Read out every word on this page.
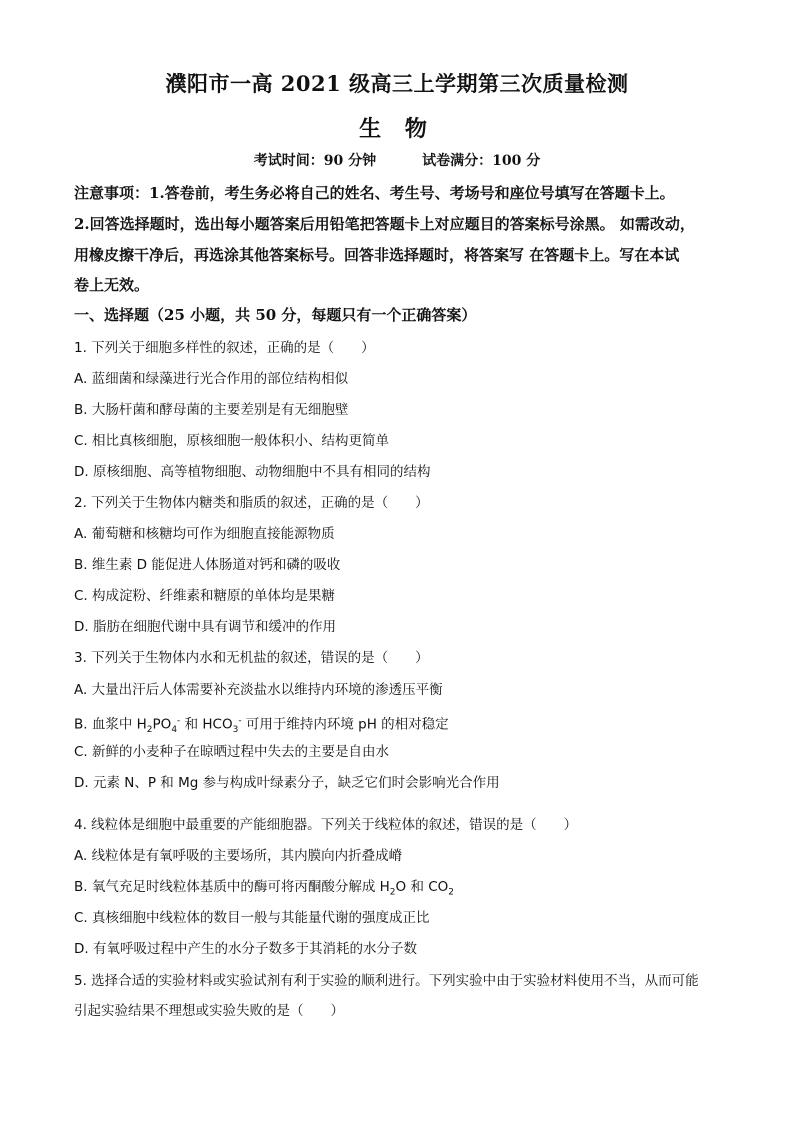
濮阳市一高 2021 级高三上学期第三次质量检测
生 物
考试时间：90 分钟	试卷满分：100 分
注意事项：1.答卷前，考生务必将自己的姓名、考生号、考场号和座位号填写在答题卡上。
2.回答选择题时，选出每小题答案后用铅笔把答题卡上对应题目的答案标号涂黑。 如需改动，
用橡皮擦干净后，再选涂其他答案标号。回答非选择题时，将答案写 在答题卡上。写在本试
卷上无效。
一、选择题（25 小题，共 50 分，每题只有一个正确答案）
1. 下列关于细胞多样性的叙述，正确的是（　　）
A. 蓝细菌和绿藻进行光合作用的部位结构相似
B. 大肠杆菌和酵母菌的主要差别是有无细胞壁
C. 相比真核细胞，原核细胞一般体积小、结构更简单
D. 原核细胞、高等植物细胞、动物细胞中不具有相同的结构
2. 下列关于生物体内糖类和脂质的叙述，正确的是（　　）
A. 葡萄糖和核糖均可作为细胞直接能源物质
B. 维生素 D 能促进人体肠道对钙和磷的吸收
C. 构成淀粉、纤维素和糖原的单体均是果糖
D. 脂肪在细胞代谢中具有调节和缓冲的作用
3. 下列关于生物体内水和无机盐的叙述，错误的是（　　）
A. 大量出汗后人体需要补充淡盐水以维持内环境的渗透压平衡
B. 血浆中 $H_2PO_4^-$ 和 $HCO_3^-$ 可用于维持内环境 pH 的相对稳定
C. 新鲜的小麦种子在晾晒过程中失去的主要是自由水
D. 元素 N、P 和 Mg 参与构成叶绿素分子，缺乏它们时会影响光合作用
4. 线粒体是细胞中最重要的产能细胞器。下列关于线粒体的叙述，错误的是（　　）
A. 线粒体是有氧呼吸的主要场所，其内膜向内折叠成嵴
B. 氧气充足时线粒体基质中的酶可将丙酮酸分解成 $H_2O$ 和 $CO_2$
C. 真核细胞中线粒体的数目一般与其能量代谢的强度成正比
D. 有氧呼吸过程中产生的水分子数多于其消耗的水分子数
5. 选择合适的实验材料或实验试剂有利于实验的顺利进行。下列实验中由于实验材料使用不当，从而可能
引起实验结果不理想或实验失败的是（　　）
